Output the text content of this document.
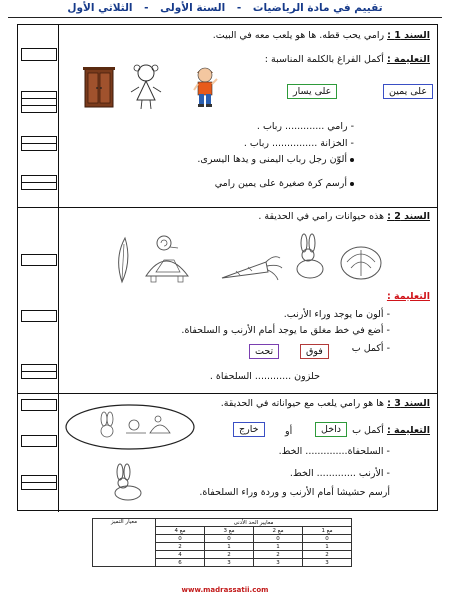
تقييم في مادة الرياضيات - السنة الأولى - الثلاثي الأول
السند 1 : رامي يحب قطه. ها هو يلعب معه في البيت.
التعليمة : أكمل الفراغ بالكلمة المناسبة :
على يمين
على يسار
- رامي ............. رباب .
- الخزانة ............... رباب .
ألوّن رجل رباب اليمنى و يدها اليسرى.
أرسم كرة صغيرة على يمين رامي
السند 2 : هذه حيوانات رامي في الحديقة .
التعليمة :
- ألون ما يوجد وراء الأرنب.
- أضع في خط مغلق ما يوجد أمام الأرنب و السلحفاة.
- أكمل ب
فوق
تحت
حلزون ............ السلحفاة .
السند 3 : ها هو رامي يلعب مع حيواناته في الحديقة.
التعليمة : أكمل ب
داخل
أو
خارج
- السلحفاة.............. الخط.
- الأرنب ............. الخط.
أرسم حشيشا أمام الأرنب و وردة وراء السلحفاة.
معيار التميز	معايير الحد الأدنى			
	مع 4	مع 3	مع 2	مع 1
	0	0	0	0
	2	1	1	1
	4	2	2	2
	6	3	3	3
www.madrassatii.com
